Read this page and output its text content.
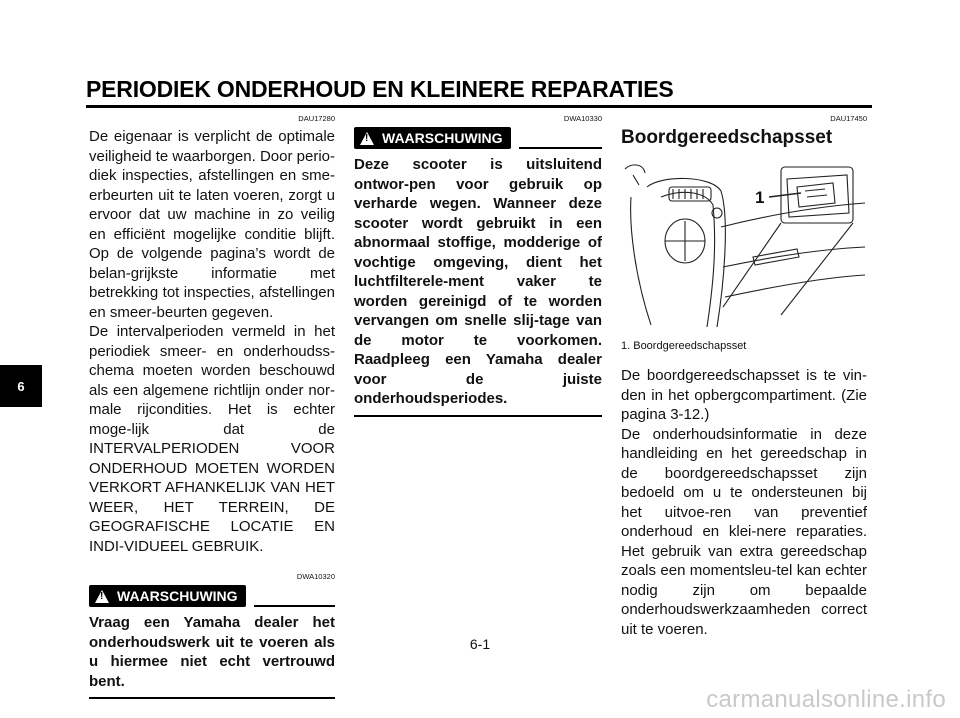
PERIODIEK ONDERHOUD EN KLEINERE REPARATIES
6
DAU17280

De eigenaar is verplicht de optimale veiligheid te waarborgen. Door perio-diek inspecties, afstellingen en sme-erbeurten uit te laten voeren, zorgt u ervoor dat uw machine in zo veilig en efficiënt mogelijke conditie blijft. Op de volgende pagina’s wordt de belan-grijkste informatie met betrekking tot inspecties, afstellingen en smeer-beurten gegeven.

De intervalperioden vermeld in het periodiek smeer- en onderhoudss-chema moeten worden beschouwd als een algemene richtlijn onder nor-male rijcondities. Het is echter moge-lijk dat de INTERVALPERIODEN VOOR ONDERHOUD MOETEN WORDEN VERKORT AFHANKELIJK VAN HET WEER, HET TERREIN, DE GEOGRAFISCHE LOCATIE EN INDI-VIDUEEL GEBRUIK.

DWA10320
! WAARSCHUWING

Vraag een Yamaha dealer het onderhoudswerk uit te voeren als u hiermee niet echt vertrouwd bent.

DWA10330
! WAARSCHUWING

Deze scooter is uitsluitend ontwor-pen voor gebruik op verharde wegen. Wanneer deze scooter wordt gebruikt in een abnormaal stoffige, modderige of vochtige omgeving, dient het luchtfilterele-ment vaker te worden gereinigd of te worden vervangen om snelle slij-tage van de motor te voorkomen. Raadpleeg een Yamaha dealer voor de juiste onderhoudsperiodes.

DAU17450
Boordgereedschapsset
1
1. Boordgereedschapsset

De boordgereedschapsset is te vin-den in het opbergcompartiment. (Zie pagina 3-12.)

De onderhoudsinformatie in deze handleiding en het gereedschap in de boordgereedschapsset zijn bedoeld om u te ondersteunen bij het uitvoe-ren van preventief onderhoud en klei-nere reparaties. Het gebruik van extra gereedschap zoals een momentsleu-tel kan echter nodig zijn om bepaalde onderhoudswerkzaamheden correct uit te voeren.

6-1
carmanualsonline.info
